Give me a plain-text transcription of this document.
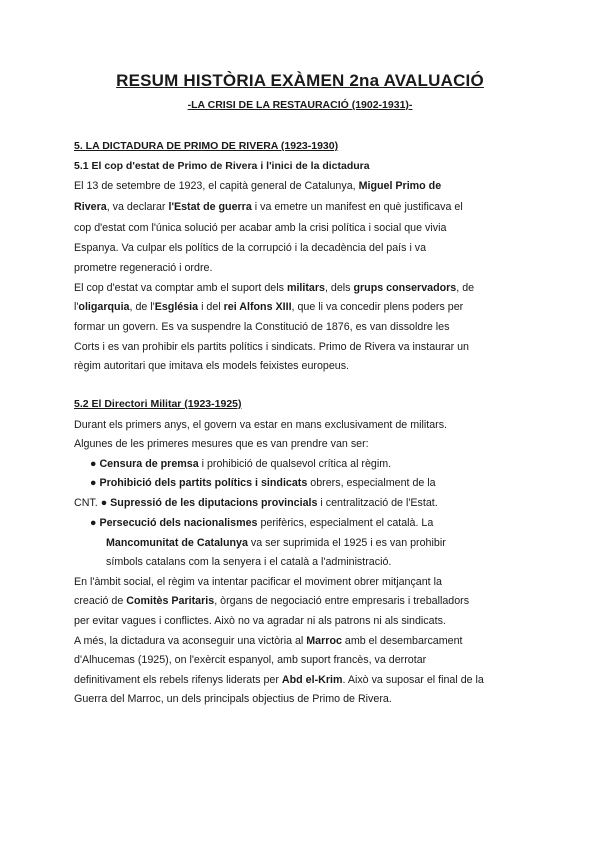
RESUM HISTÒRIA EXÀMEN 2na AVALUACIÓ
-LA CRISI DE LA RESTAURACIÓ (1902-1931)-
5. LA DICTADURA DE PRIMO DE RIVERA (1923-1930)
5.1 El cop d'estat de Primo de Rivera i l'inici de la dictadura
El 13 de setembre de 1923, el capità general de Catalunya, Miguel Primo de
Rivera, va declarar l'Estat de guerra i va emetre un manifest en què justificava el
cop d'estat com l'única solució per acabar amb la crisi política i social que vivia
Espanya. Va culpar els polítics de la corrupció i la decadència del país i va
prometre regeneració i ordre.
El cop d'estat va comptar amb el suport dels militars, dels grups conservadors, de
l'oligarquia, de l'Església i del rei Alfons XIII, que li va concedir plens poders per
formar un govern. Es va suspendre la Constitució de 1876, es van dissoldre les
Corts i es van prohibir els partits polítics i sindicats. Primo de Rivera va instaurar un
règim autoritari que imitava els models feixistes europeus.
5.2 El Directori Militar (1923-1925)
Durant els primers anys, el govern va estar en mans exclusivament de militars.
Algunes de les primeres mesures que es van prendre van ser:
● Censura de premsa i prohibició de qualsevol crítica al règim.
● Prohibició dels partits polítics i sindicats obrers, especialment de la
CNT. ● Supressió de les diputacions provincials i centralització de l'Estat.
● Persecució dels nacionalismes perifèrics, especialment el català. La
Mancomunitat de Catalunya va ser suprimida el 1925 i es van prohibir
símbols catalans com la senyera i el català a l'administració.
En l'àmbit social, el règim va intentar pacificar el moviment obrer mitjançant la
creació de Comitès Paritaris, òrgans de negociació entre empresaris i treballadors
per evitar vagues i conflictes. Això no va agradar ni als patrons ni als sindicats.
A més, la dictadura va aconseguir una victòria al Marroc amb el desembarcament
d'Alhucemas (1925), on l'exèrcit espanyol, amb suport francès, va derrotar
definitivament els rebels rifenys liderats per Abd el-Krim. Això va suposar el final de la
Guerra del Marroc, un dels principals objectius de Primo de Rivera.
